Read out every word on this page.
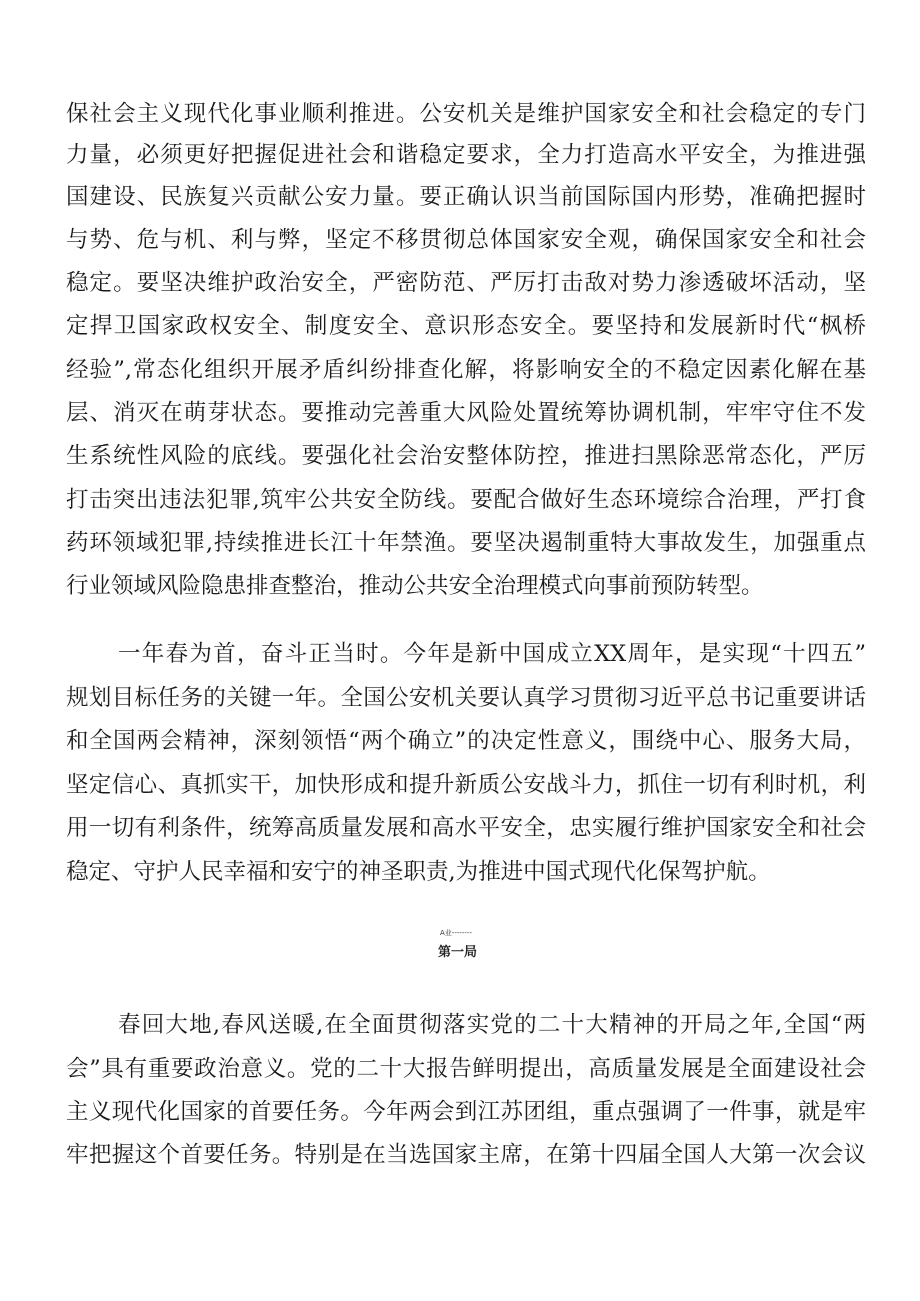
保社会主义现代化事业顺利推进。公安机关是维护国家安全和社会稳定的专门
力量，必须更好把握促进社会和谐稳定要求，全力打造高水平安全，为推进强
国建设、民族复兴贡献公安力量。要正确认识当前国际国内形势，准确把握时
与势、危与机、利与弊，坚定不移贯彻总体国家安全观，确保国家安全和社会
稳定。要坚决维护政治安全，严密防范、严厉打击敌对势力渗透破坏活动，坚
定捍卫国家政权安全、制度安全、意识形态安全。要坚持和发展新时代“枫桥
经验”,常态化组织开展矛盾纠纷排查化解，将影响安全的不稳定因素化解在基
层、消灭在萌芽状态。要推动完善重大风险处置统筹协调机制，牢牢守住不发
生系统性风险的底线。要强化社会治安整体防控，推进扫黑除恶常态化，严厉
打击突出违法犯罪,筑牢公共安全防线。要配合做好生态环境综合治理，严打食
药环领域犯罪,持续推进长江十年禁渔。要坚决遏制重特大事故发生，加强重点
行业领域风险隐患排查整治，推动公共安全治理模式向事前预防转型。
一年春为首，奋斗正当时。今年是新中国成立XX周年，是实现“十四五”
规划目标任务的关键一年。全国公安机关要认真学习贯彻习近平总书记重要讲话
和全国两会精神，深刻领悟“两个确立”的决定性意义，围绕中心、服务大局，
坚定信心、真抓实干，加快形成和提升新质公安战斗力，抓住一切有利时机，利
用一切有利条件，统筹高质量发展和高水平安全，忠实履行维护国家安全和社会
稳定、守护人民幸福和安宁的神圣职责,为推进中国式现代化保驾护航。
A业--------
第一局
春回大地,春风送暖,在全面贯彻落实党的二十大精神的开局之年,全国“两
会”具有重要政治意义。党的二十大报告鲜明提出，高质量发展是全面建设社会
主义现代化国家的首要任务。今年两会到江苏团组，重点强调了一件事，就是牢
牢把握这个首要任务。特别是在当选国家主席，在第十四届全国人大第一次会议
